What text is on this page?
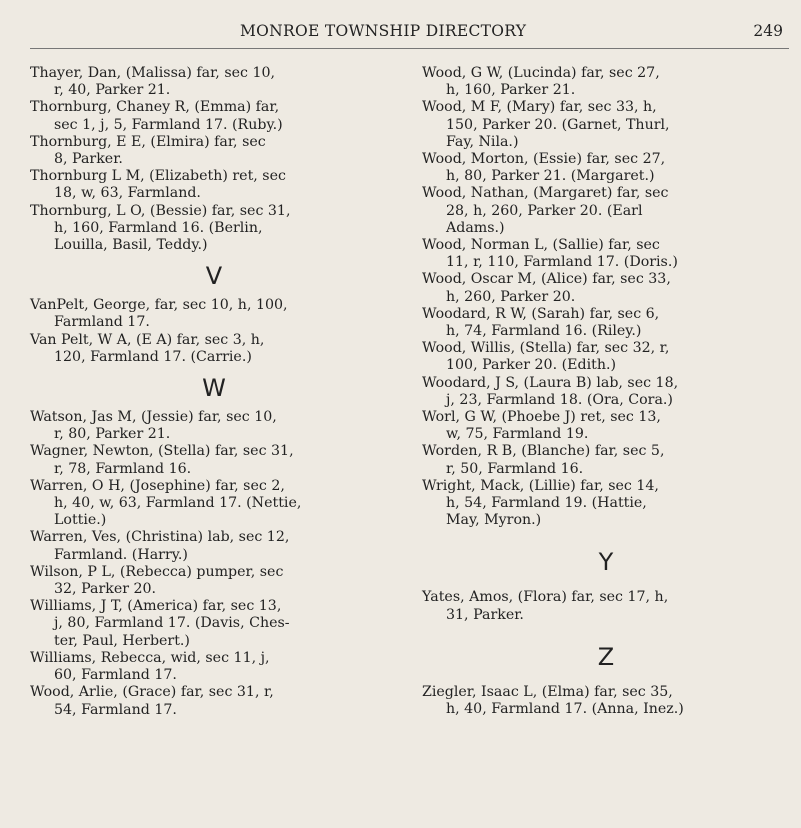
MONROE TOWNSHIP DIRECTORY	249
Thayer, Dan, (Malissa) far, sec 10,
r, 40, Parker 21.
Thornburg, Chaney R, (Emma) far,
sec 1, j, 5, Farmland 17. (Ruby.)
Thornburg, E E, (Elmira) far, sec
8, Parker.
Thornburg L M, (Elizabeth) ret, sec
18, w, 63, Farmland.
Thornburg, L O, (Bessie) far, sec 31,
h, 160, Farmland 16. (Berlin,
Louilla, Basil, Teddy.)
V
VanPelt, George, far, sec 10, h, 100,
Farmland 17.
Van Pelt, W A, (E A) far, sec 3, h,
120, Farmland 17. (Carrie.)
W
Watson, Jas M, (Jessie) far, sec 10,
r, 80, Parker 21.
Wagner, Newton, (Stella) far, sec 31,
r, 78, Farmland 16.
Warren, O H, (Josephine) far, sec 2,
h, 40, w, 63, Farmland 17. (Nettie,
Lottie.)
Warren, Ves, (Christina) lab, sec 12,
Farmland. (Harry.)
Wilson, P L, (Rebecca) pumper, sec
32, Parker 20.
Williams, J T, (America) far, sec 13,
j, 80, Farmland 17. (Davis, Ches-
ter, Paul, Herbert.)
Williams, Rebecca, wid, sec 11, j,
60, Farmland 17.
Wood, Arlie, (Grace) far, sec 31, r,
54, Farmland 17.
Wood, G W, (Lucinda) far, sec 27,
h, 160, Parker 21.
Wood, M F, (Mary) far, sec 33, h,
150, Parker 20. (Garnet, Thurl,
Fay, Nila.)
Wood, Morton, (Essie) far, sec 27,
h, 80, Parker 21. (Margaret.)
Wood, Nathan, (Margaret) far, sec
28, h, 260, Parker 20. (Earl
Adams.)
Wood, Norman L, (Sallie) far, sec
11, r, 110, Farmland 17. (Doris.)
Wood, Oscar M, (Alice) far, sec 33,
h, 260, Parker 20.
Woodard, R W, (Sarah) far, sec 6,
h, 74, Farmland 16. (Riley.)
Wood, Willis, (Stella) far, sec 32, r,
100, Parker 20. (Edith.)
Woodard, J S, (Laura B) lab, sec 18,
j, 23, Farmland 18. (Ora, Cora.)
Worl, G W, (Phoebe J) ret, sec 13,
w, 75, Farmland 19.
Worden, R B, (Blanche) far, sec 5,
r, 50, Farmland 16.
Wright, Mack, (Lillie) far, sec 14,
h, 54, Farmland 19. (Hattie,
May, Myron.)
Y
Yates, Amos, (Flora) far, sec 17, h,
31, Parker.
Z
Ziegler, Isaac L, (Elma) far, sec 35,
h, 40, Farmland 17. (Anna, Inez.)
